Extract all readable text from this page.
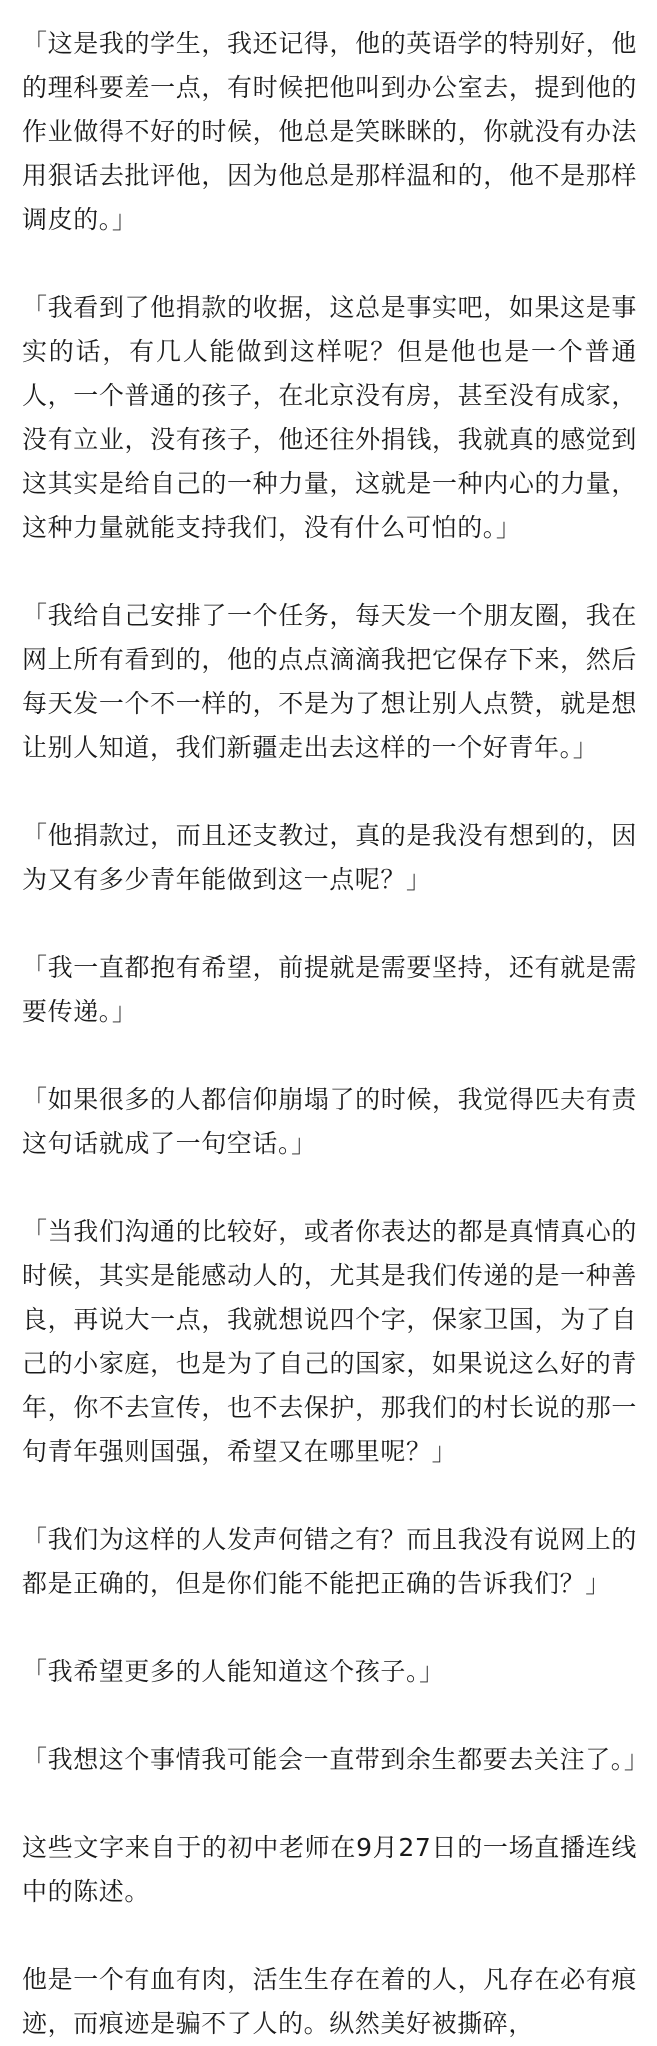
「这是我的学生，我还记得，他的英语学的特别好，他的理科要差一点，有时候把他叫到办公室去，提到他的作业做得不好的时候，他总是笑眯眯的，你就没有办法用狠话去批评他，因为他总是那样温和的，他不是那样调皮的。」

「我看到了他捐款的收据，这总是事实吧，如果这是事实的话，有几人能做到这样呢？但是他也是一个普通人，一个普通的孩子，在北京没有房，甚至没有成家，没有立业，没有孩子，他还往外捐钱，我就真的感觉到这其实是给自己的一种力量，这就是一种内心的力量，这种力量就能支持我们，没有什么可怕的。」

「我给自己安排了一个任务，每天发一个朋友圈，我在网上所有看到的，他的点点滴滴我把它保存下来，然后每天发一个不一样的，不是为了想让别人点赞，就是想让别人知道，我们新疆走出去这样的一个好青年。」

「他捐款过，而且还支教过，真的是我没有想到的，因为又有多少青年能做到这一点呢？」

「我一直都抱有希望，前提就是需要坚持，还有就是需要传递。」

「如果很多的人都信仰崩塌了的时候，我觉得匹夫有责这句话就成了一句空话。」

「当我们沟通的比较好，或者你表达的都是真情真心的时候，其实是能感动人的，尤其是我们传递的是一种善良，再说大一点，我就想说四个字，保家卫国，为了自己的小家庭，也是为了自己的国家，如果说这么好的青年，你不去宣传，也不去保护，那我们的村长说的那一句青年强则国强，希望又在哪里呢？」

「我们为这样的人发声何错之有？而且我没有说网上的都是正确的，但是你们能不能把正确的告诉我们？」

「我希望更多的人能知道这个孩子。」

「我想这个事情我可能会一直带到余生都要去关注了。」

这些文字来自于的初中老师在9月27日的一场直播连线中的陈述。

他是一个有血有肉，活生生存在着的人，凡存在必有痕迹，而痕迹是骗不了人的。纵然美好被撕碎，
